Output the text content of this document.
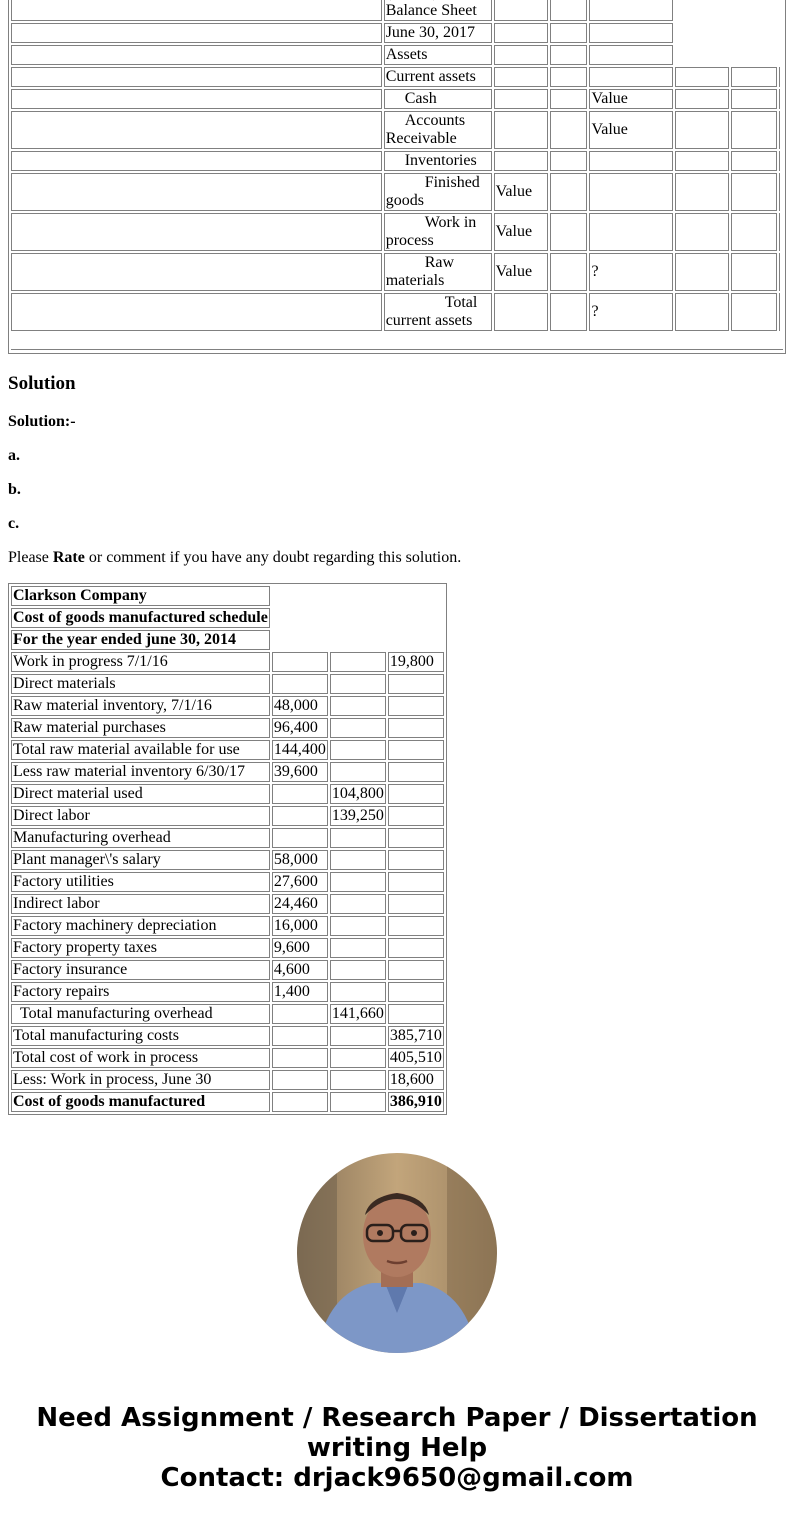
	Balance Sheet						
	June 30, 2017						
	Assets						
	Current assets						
	Cash			Value			
	Accounts Receivable			Value			
	Inventories						
	Finished goods	Value					
	Work in process	Value					
	Raw materials	Value		?			
	Total current assets			?			
Solution

Solution:-

a.

b.

c.

Please Rate or comment if you have any doubt regarding this solution.

Clarkson Company			
Cost of goods manufactured schedule			
For the year ended june 30, 2014			
Work in progress 7/1/16			19,800
Direct materials			
Raw material inventory, 7/1/16	48,000		
Raw material purchases	96,400		
Total raw material available for use	144,400		
Less raw material inventory 6/30/17	39,600		
Direct material used		104,800	
Direct labor		139,250	
Manufacturing overhead			
Plant manager\'s salary	58,000		
Factory utilities	27,600		
Indirect labor	24,460		
Factory machinery depreciation	16,000		
Factory property taxes	9,600		
Factory insurance	4,600		
Factory repairs	1,400		
Total manufacturing overhead		141,660	
Total manufacturing costs			385,710
Total cost of work in process			405,510
Less: Work in process, June 30			18,600
Cost of goods manufactured			386,910
Need Assignment / Research Paper / Dissertation
writing Help
Contact: drjack9650@gmail.com
